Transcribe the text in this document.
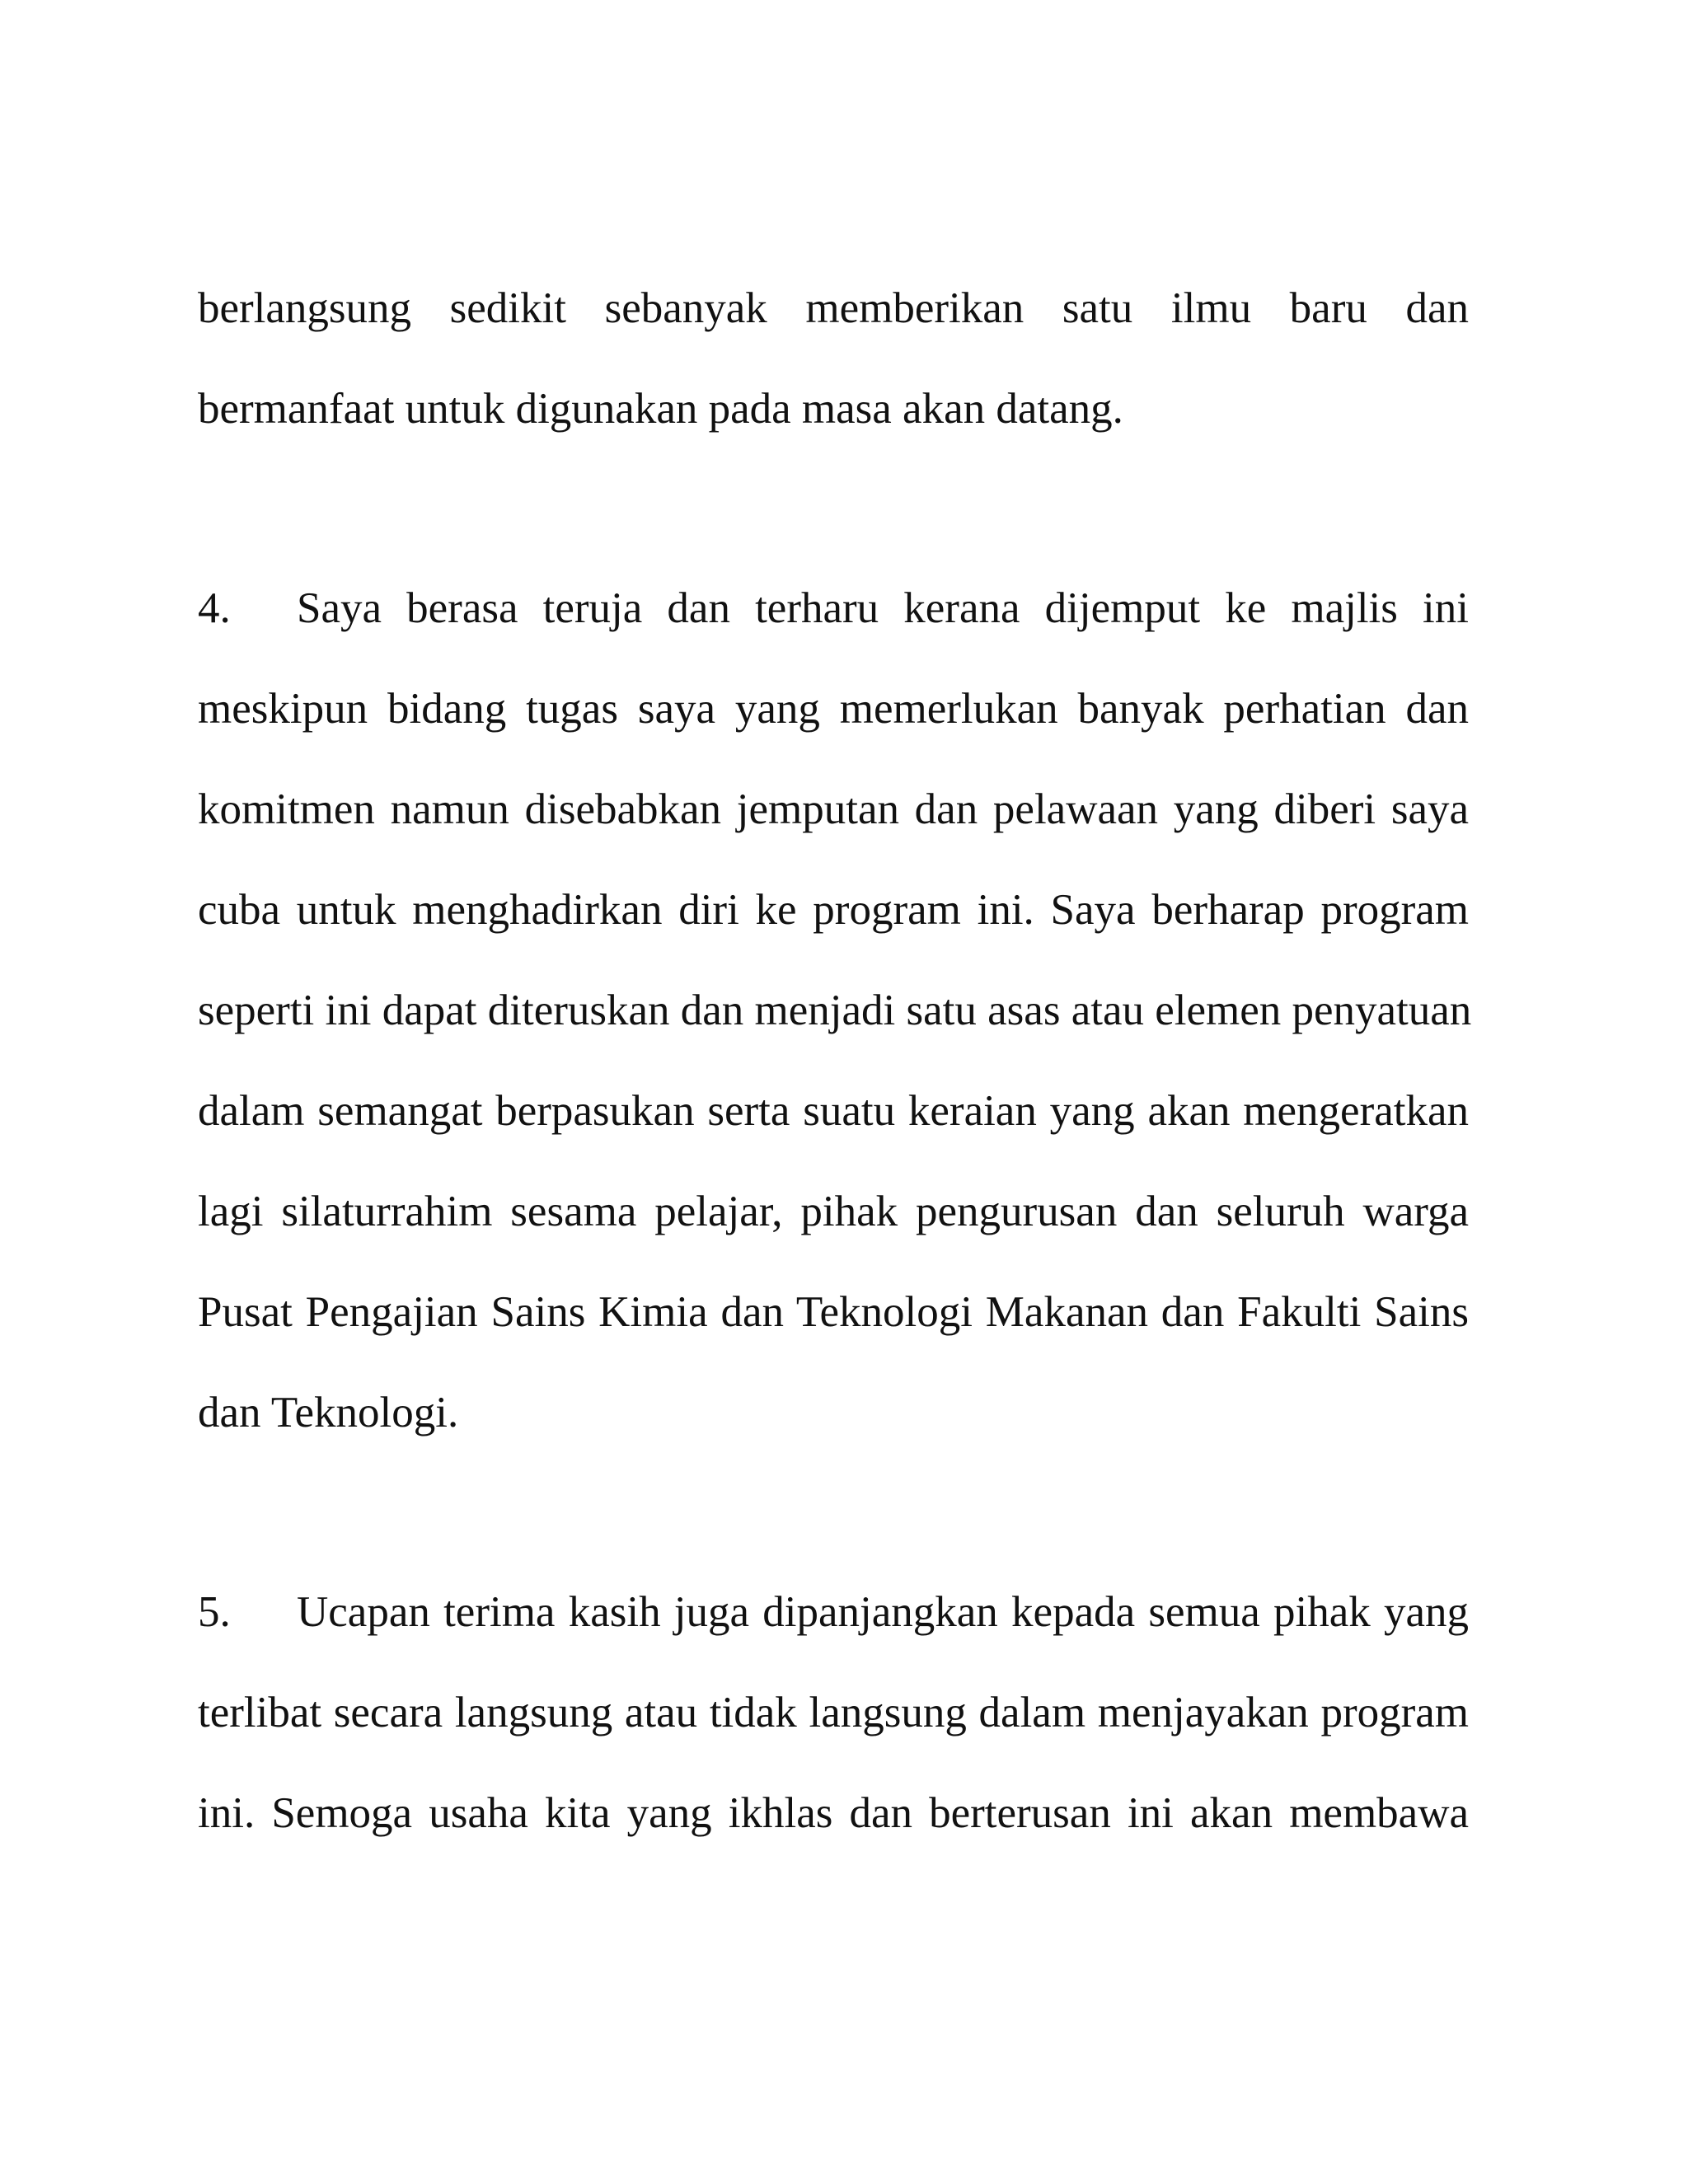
berlangsung sedikit sebanyak memberikan satu ilmu baru dan
bermanfaat untuk digunakan pada masa akan datang.
4. Saya berasa teruja dan terharu kerana dijemput ke majlis ini
meskipun bidang tugas saya yang memerlukan banyak perhatian dan
komitmen namun disebabkan jemputan dan pelawaan yang diberi saya
cuba untuk menghadirkan diri ke program ini. Saya berharap program
seperti ini dapat diteruskan dan menjadi satu asas atau elemen penyatuan
dalam semangat berpasukan serta suatu keraian yang akan mengeratkan
lagi silaturrahim sesama pelajar, pihak pengurusan dan seluruh warga
Pusat Pengajian Sains Kimia dan Teknologi Makanan dan Fakulti Sains
dan Teknologi.
5. Ucapan terima kasih juga dipanjangkan kepada semua pihak yang
terlibat secara langsung atau tidak langsung dalam menjayakan program
ini. Semoga usaha kita yang ikhlas dan berterusan ini akan membawa
